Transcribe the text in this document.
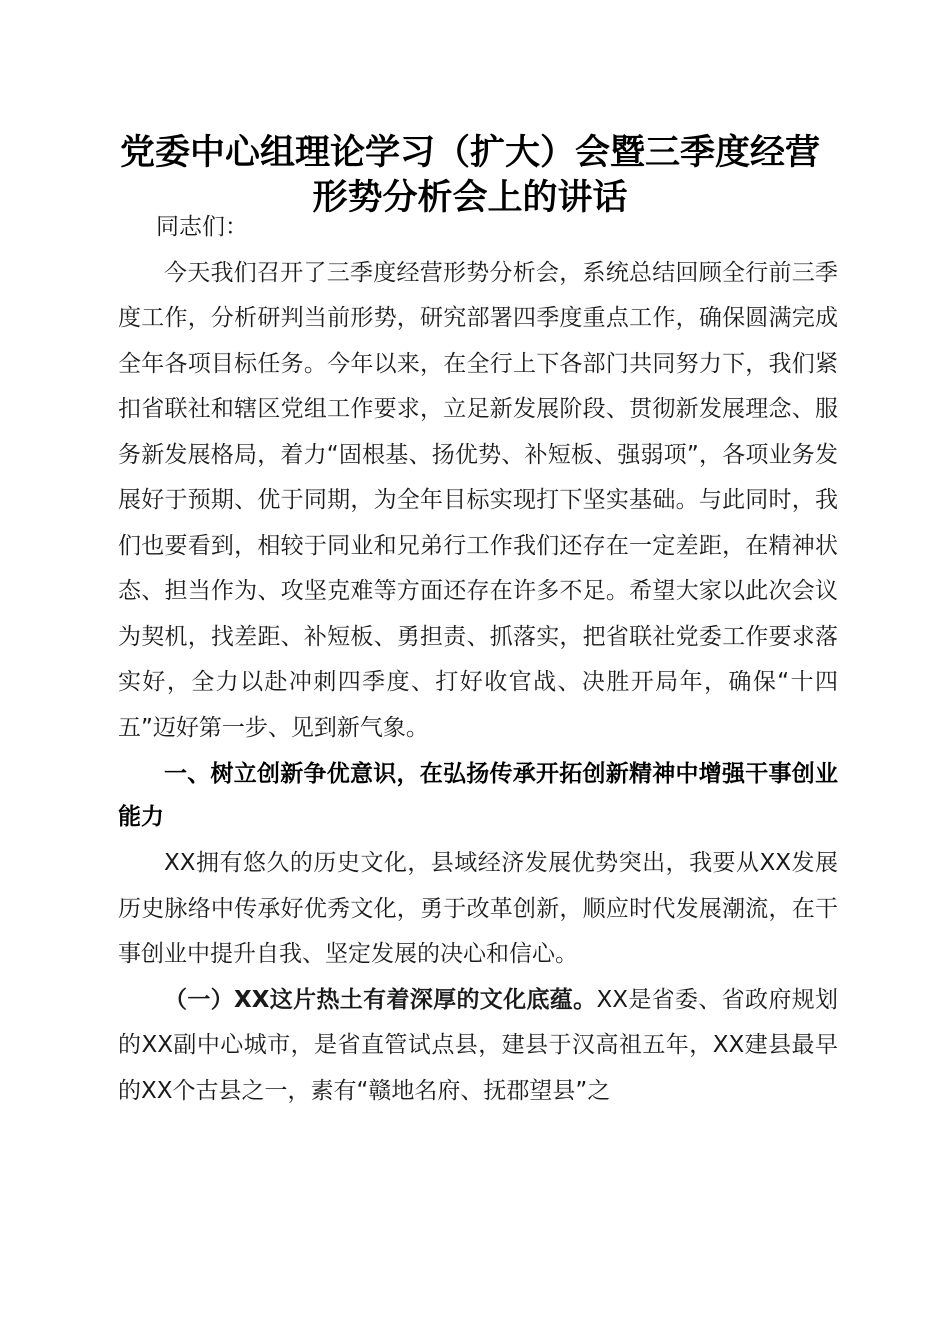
党委中心组理论学习（扩大）会暨三季度经营
形势分析会上的讲话

同志们：

今天我们召开了三季度经营形势分析会，系统总结回顾全行前三季度工作，分析研判当前形势，研究部署四季度重点工作，确保圆满完成全年各项目标任务。今年以来，在全行上下各部门共同努力下，我们紧扣省联社和辖区党组工作要求，立足新发展阶段、贯彻新发展理念、服务新发展格局，着力“固根基、扬优势、补短板、强弱项”，各项业务发展好于预期、优于同期，为全年目标实现打下坚实基础。与此同时，我们也要看到，相较于同业和兄弟行工作我们还存在一定差距，在精神状态、担当作为、攻坚克难等方面还存在许多不足。希望大家以此次会议为契机，找差距、补短板、勇担责、抓落实，把省联社党委工作要求落实好，全力以赴冲刺四季度、打好收官战、决胜开局年，确保“十四五”迈好第一步、见到新气象。

一、树立创新争优意识，在弘扬传承开拓创新精神中增强干事创业能力

XX拥有悠久的历史文化，县域经济发展优势突出，我要从XX发展历史脉络中传承好优秀文化，勇于改革创新，顺应时代发展潮流，在干事创业中提升自我、坚定发展的决心和信心。

（一）XX这片热土有着深厚的文化底蕴。XX是省委、省政府规划的XX副中心城市，是省直管试点县，建县于汉高祖五年，XX建县最早的XX个古县之一，素有“赣地名府、抚郡望县”之
